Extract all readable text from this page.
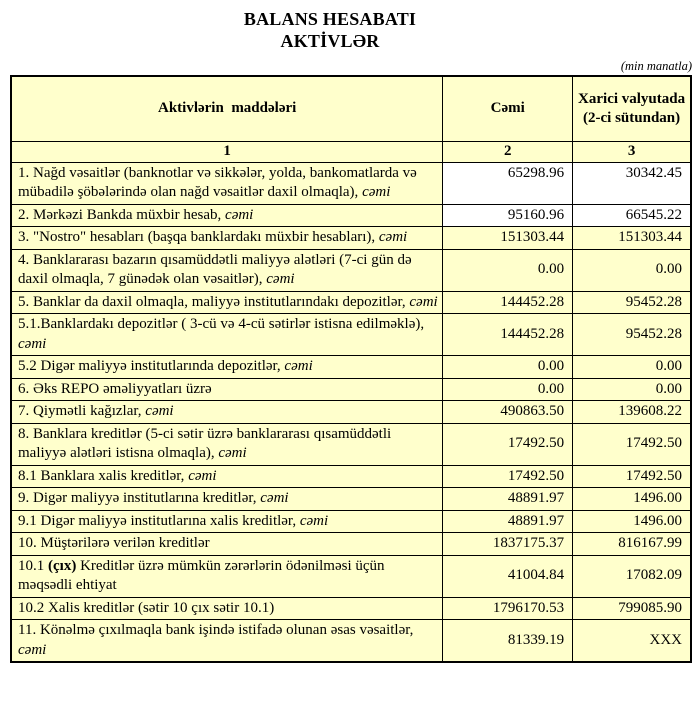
BALANS HESABATI
AKTİVLƏR
(min manatla)
Aktivlərin  maddələri	Cəmi	Xarici valyutada (2-ci sütundan)
1	2	3
1. Nağd vəsaitlər (banknotlar və sikkələr, yolda, bankomatlarda və mübadilə şöbələrində olan nağd vəsaitlər daxil olmaqla), cəmi	65298.96	30342.45
2. Mərkəzi Bankda müxbir hesab, cəmi	95160.96	66545.22
3. "Nostro" hesabları (başqa banklardakı müxbir hesabları), cəmi	151303.44	151303.44
4. Banklararası bazarın qısamüddətli maliyyə alətləri (7-ci gün də daxil olmaqla, 7 günədək olan vəsaitlər), cəmi	0.00	0.00
5. Banklar da daxil olmaqla, maliyyə institutlarındakı depozitlər, cəmi	144452.28	95452.28
5.1.Banklardakı depozitlər ( 3-cü və 4-cü sətirlər istisna edilməklə), cəmi	144452.28	95452.28
5.2 Digər maliyyə institutlarında depozitlər, cəmi	0.00	0.00
6. Əks REPO əməliyyatları üzrə	0.00	0.00
7. Qiymətli kağızlar, cəmi	490863.50	139608.22
8. Banklara kreditlər (5-ci sətir üzrə banklararası qısamüddətli maliyyə alətləri istisna olmaqla), cəmi	17492.50	17492.50
8.1 Banklara xalis kreditlər, cəmi	17492.50	17492.50
9. Digər maliyyə institutlarına kreditlər, cəmi	48891.97	1496.00
9.1 Digər maliyyə institutlarına xalis kreditlər, cəmi	48891.97	1496.00
10. Müştərilərə verilən kreditlər	1837175.37	816167.99
10.1 (çıx) Kreditlər üzrə mümkün zərərlərin ödənilməsi üçün məqsədli ehtiyat	41004.84	17082.09
10.2 Xalis kreditlər (sətir 10 çıx sətir 10.1)	1796170.53	799085.90
11. Könəlmə çıxılmaqla bank işində istifadə olunan əsas vəsaitlər, cəmi	81339.19	XXX
